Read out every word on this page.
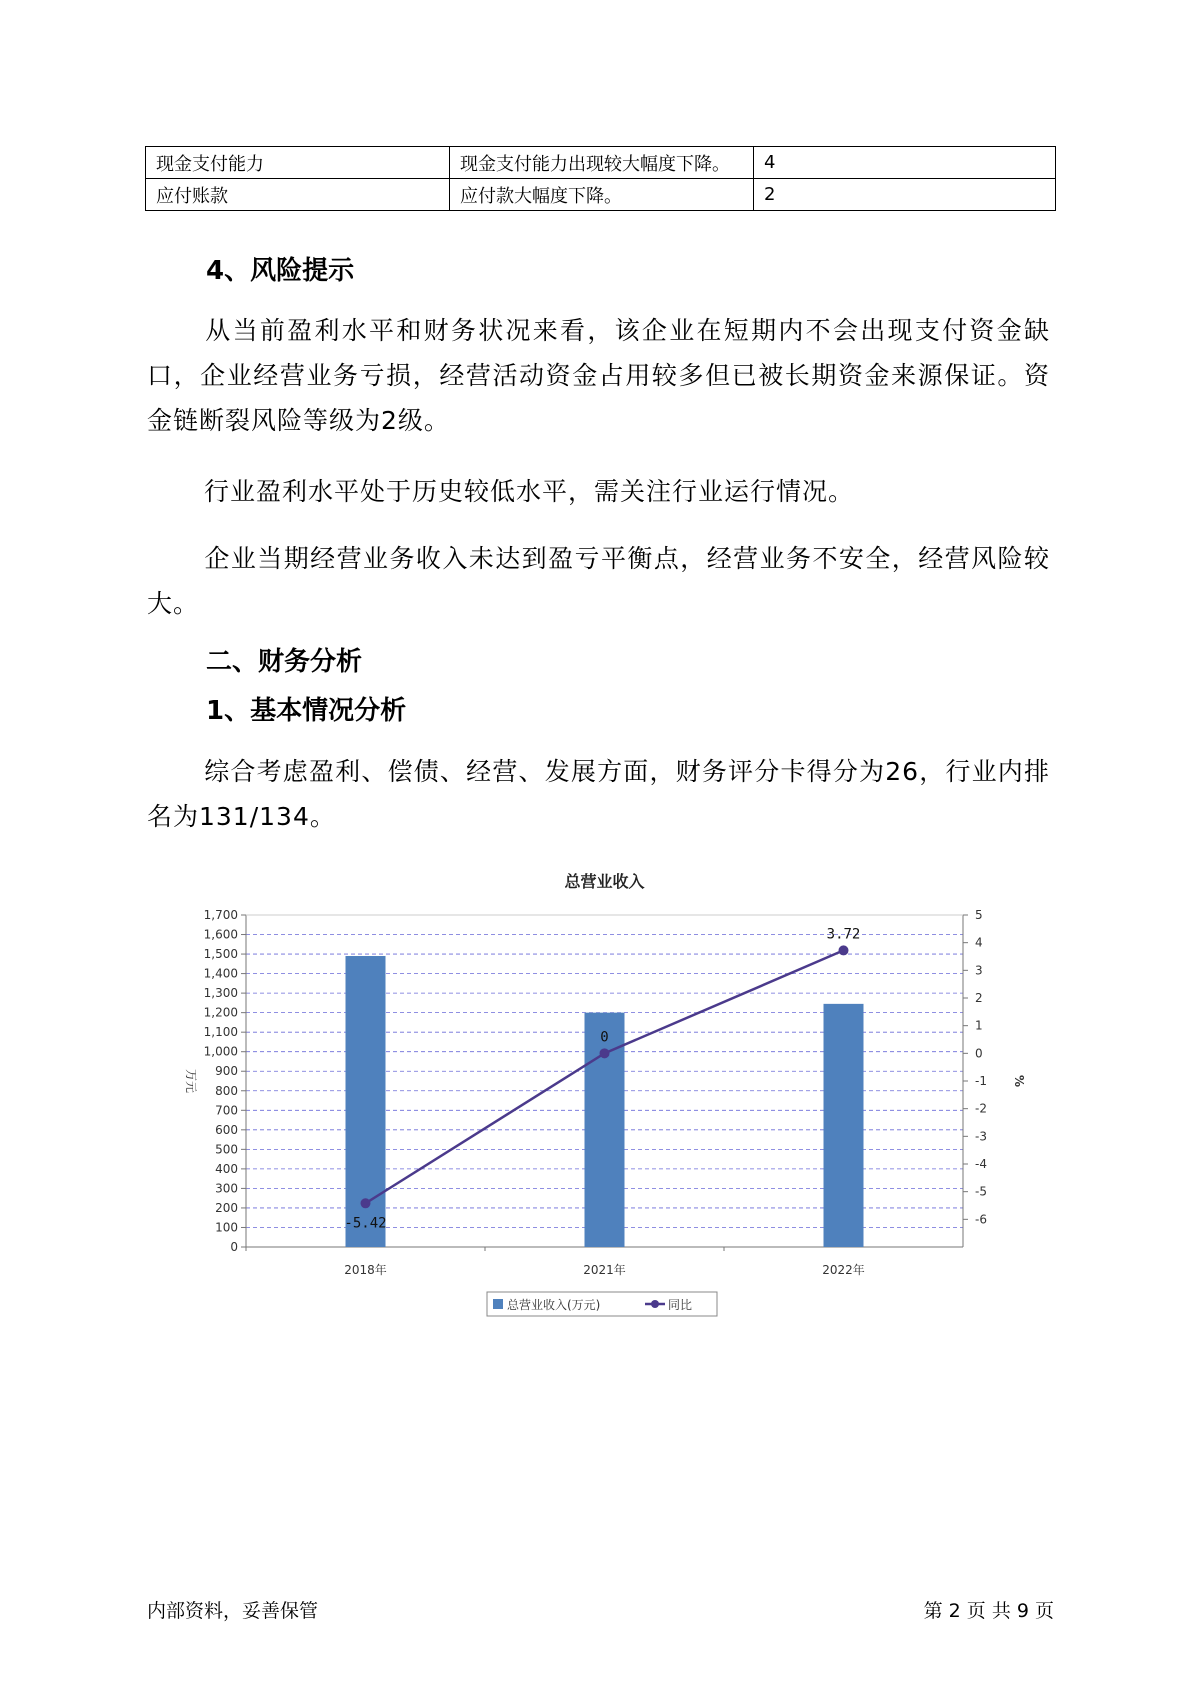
现金支付能力	现金支付能力出现较大幅度下降。	4
应付账款	应付款大幅度下降。	2
4、风险提示
从当前盈利水平和财务状况来看，该企业在短期内不会出现支付资金缺口，企业经营业务亏损，经营活动资金占用较多但已被长期资金来源保证。资金链断裂风险等级为2级。
行业盈利水平处于历史较低水平，需关注行业运行情况。
企业当期经营业务收入未达到盈亏平衡点，经营业务不安全，经营风险较大。
二、财务分析
1、基本情况分析
综合考虑盈利、偿债、经营、发展方面，财务评分卡得分为26，行业内排名为131/134。
总营业收入
0
100
200
300
400
500
600
700
800
900
1,000
1,100
1,200
1,300
1,400
1,500
1,600
1,700
-6
-5
-4
-3
-2
-1
0
1
2
3
4
5
万元	%
2018年	2021年	2022年
-5.42
0
3.72
总营业收入(万元)	同比
内部资料，妥善保管	第 2 页 共 9 页
